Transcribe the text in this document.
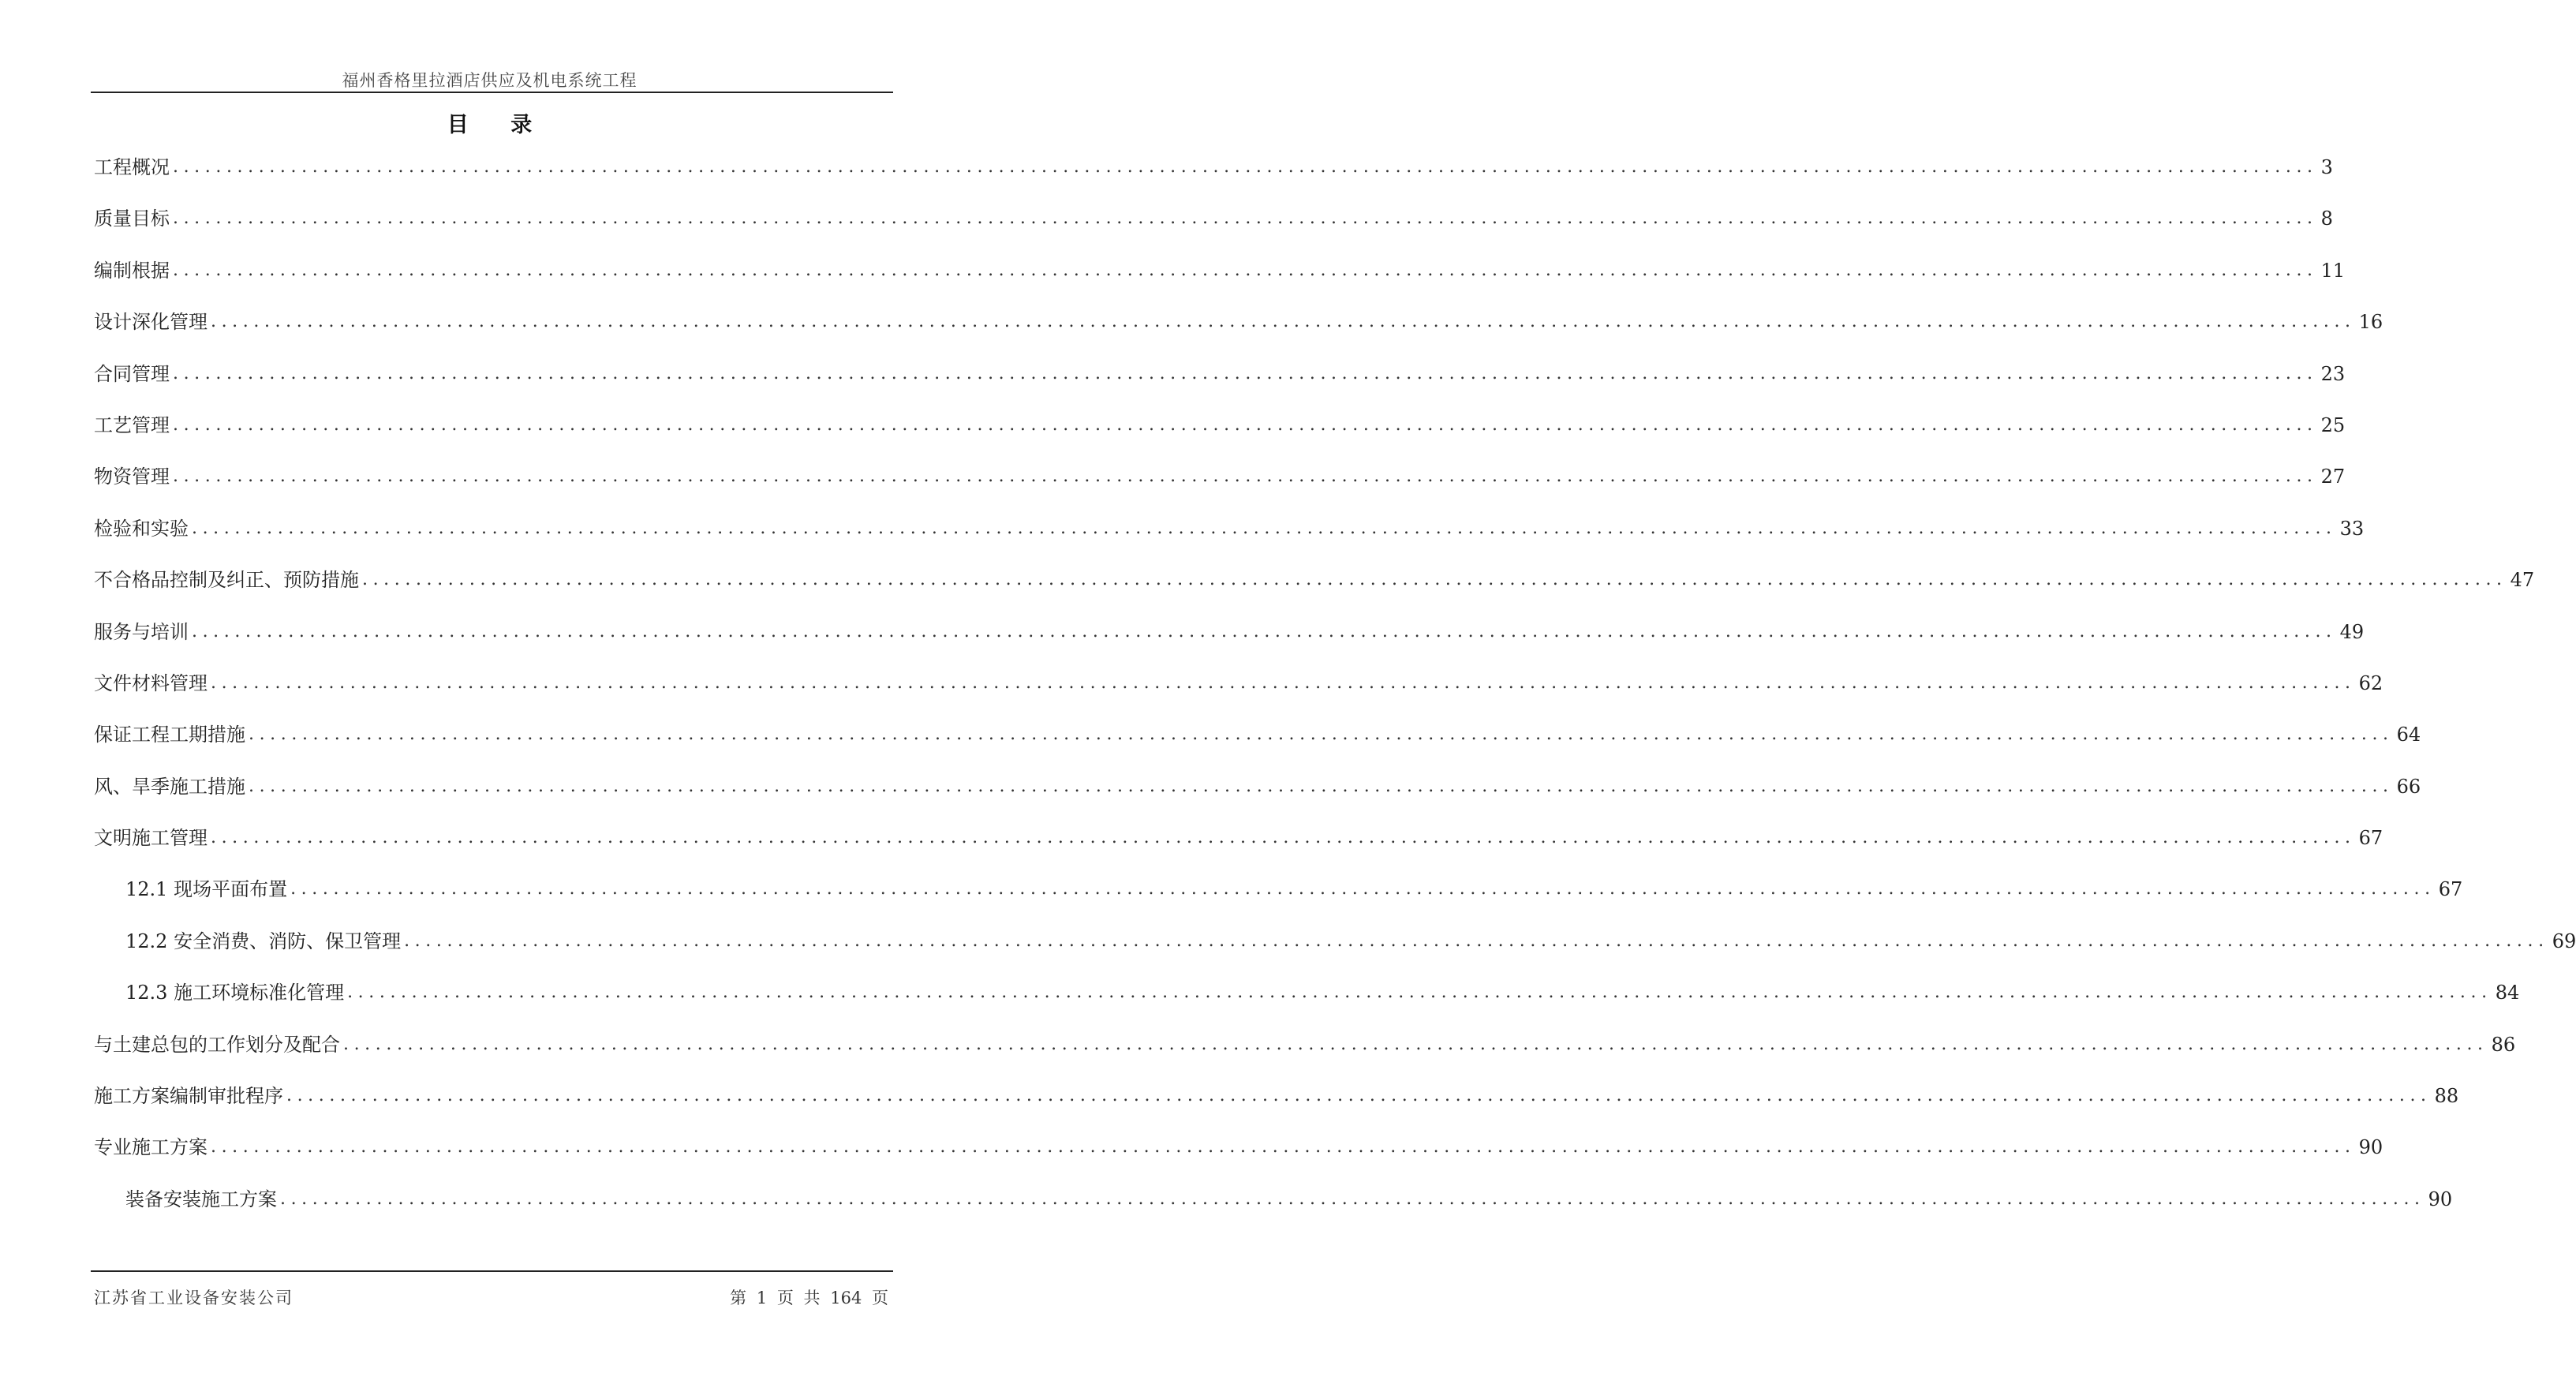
福州香格里拉酒店供应及机电系统工程
目 录
工程概况 ........................................................................................................................................................................................................ 3
质量目标 ........................................................................................................................................................................................................ 8
编制根据 ........................................................................................................................................................................................................ 11
设计深化管理 ........................................................................................................................................................................................................ 16
合同管理 ........................................................................................................................................................................................................ 23
工艺管理 ........................................................................................................................................................................................................ 25
物资管理 ........................................................................................................................................................................................................ 27
检验和实验 ........................................................................................................................................................................................................ 33
不合格品控制及纠正、预防措施 ........................................................................................................................................................................................................ 47
服务与培训 ........................................................................................................................................................................................................ 49
文件材料管理 ........................................................................................................................................................................................................ 62
保证工程工期措施 ........................................................................................................................................................................................................ 64
风、旱季施工措施 ........................................................................................................................................................................................................ 66
文明施工管理 ........................................................................................................................................................................................................ 67
12.1 现场平面布置 ........................................................................................................................................................................................................ 67
12.2 安全消费、消防、保卫管理 ........................................................................................................................................................................................................ 69
12.3 施工环境标准化管理 ........................................................................................................................................................................................................ 84
与土建总包的工作划分及配合 ........................................................................................................................................................................................................ 86
施工方案编制审批程序 ........................................................................................................................................................................................................ 88
专业施工方案 ........................................................................................................................................................................................................ 90
装备安装施工方案 ........................................................................................................................................................................................................ 90
江苏省工业设备安装公司	第 1 页 共 164 页
